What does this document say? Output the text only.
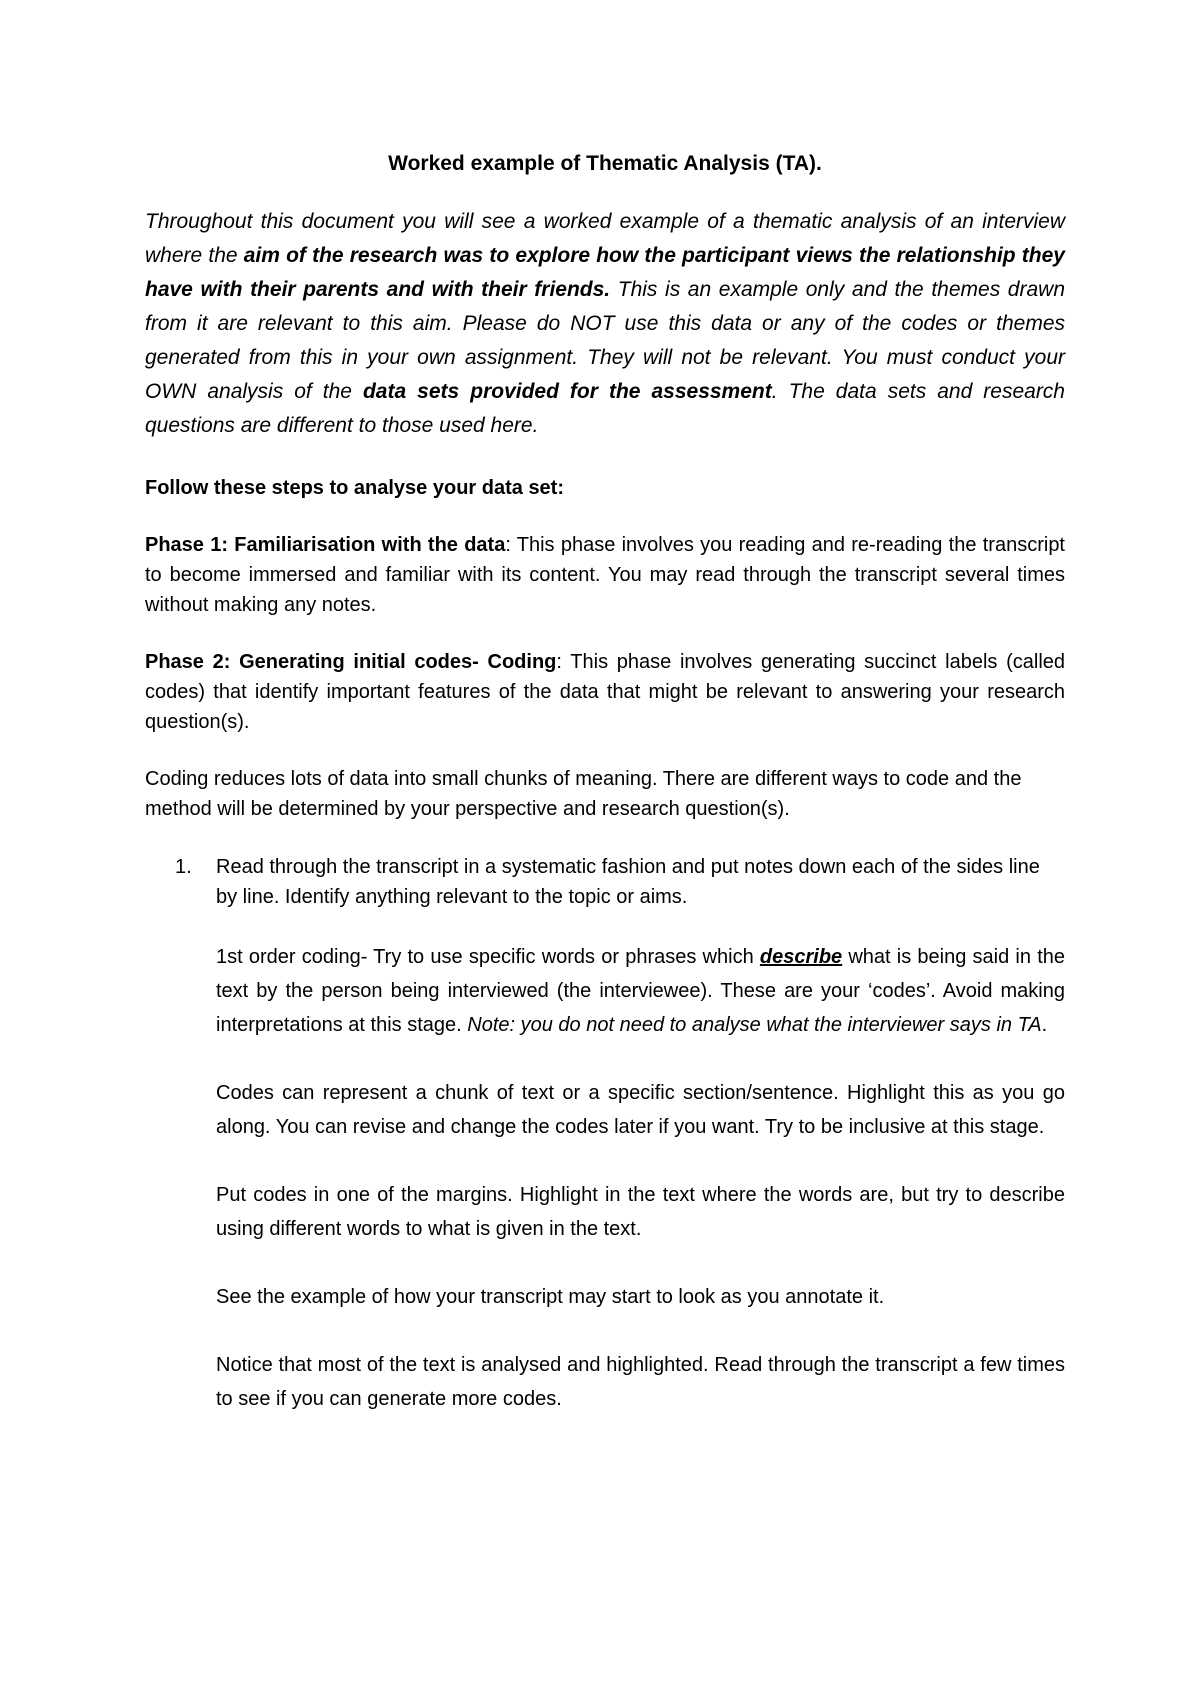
Worked example of Thematic Analysis (TA).
Throughout this document you will see a worked example of a thematic analysis of an interview where the aim of the research was to explore how the participant views the relationship they have with their parents and with their friends. This is an example only and the themes drawn from it are relevant to this aim. Please do NOT use this data or any of the codes or themes generated from this in your own assignment. They will not be relevant. You must conduct your OWN analysis of the data sets provided for the assessment. The data sets and research questions are different to those used here.
Follow these steps to analyse your data set:
Phase 1: Familiarisation with the data: This phase involves you reading and re-reading the transcript to become immersed and familiar with its content. You may read through the transcript several times without making any notes.
Phase 2: Generating initial codes- Coding: This phase involves generating succinct labels (called codes) that identify important features of the data that might be relevant to answering your research question(s).
Coding reduces lots of data into small chunks of meaning. There are different ways to code and the method will be determined by your perspective and research question(s).
1. Read through the transcript in a systematic fashion and put notes down each of the sides line by line. Identify anything relevant to the topic or aims.

1st order coding- Try to use specific words or phrases which describe what is being said in the text by the person being interviewed (the interviewee). These are your ‘codes’. Avoid making interpretations at this stage. Note: you do not need to analyse what the interviewer says in TA.

Codes can represent a chunk of text or a specific section/sentence. Highlight this as you go along. You can revise and change the codes later if you want. Try to be inclusive at this stage.

Put codes in one of the margins. Highlight in the text where the words are, but try to describe using different words to what is given in the text.

See the example of how your transcript may start to look as you annotate it.

Notice that most of the text is analysed and highlighted. Read through the transcript a few times to see if you can generate more codes.
